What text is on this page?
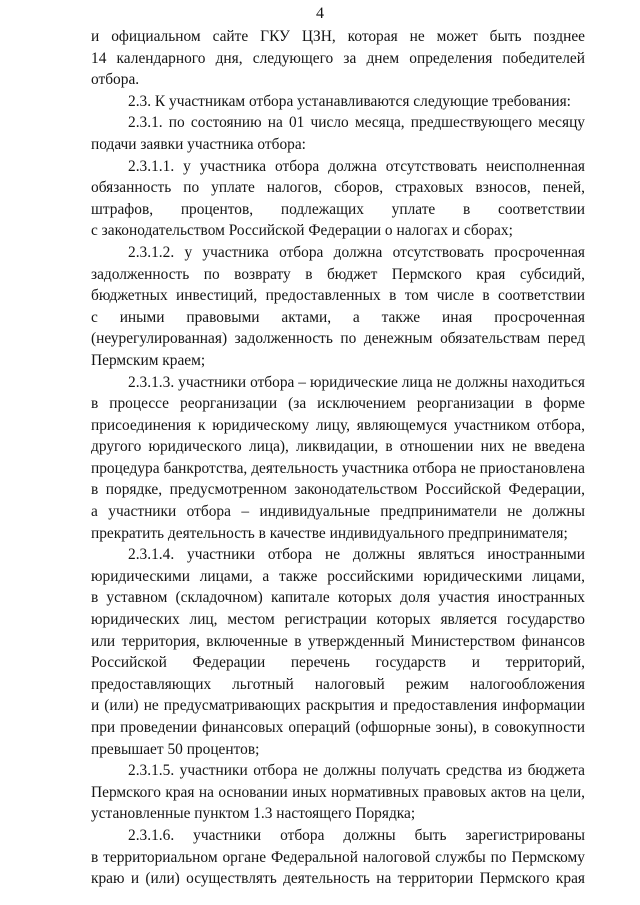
4
и официальном сайте ГКУ ЦЗН, которая не может быть позднее
14 календарного дня, следующего за днем определения победителей
отбора.
2.3. К участникам отбора устанавливаются следующие требования:
2.3.1. по состоянию на 01 число месяца, предшествующего месяцу
подачи заявки участника отбора:
2.3.1.1. у участника отбора должна отсутствовать неисполненная
обязанность по уплате налогов, сборов, страховых взносов, пеней,
штрафов, процентов, подлежащих уплате в соответствии
с законодательством Российской Федерации о налогах и сборах;
2.3.1.2. у участника отбора должна отсутствовать просроченная
задолженность по возврату в бюджет Пермского края субсидий,
бюджетных инвестиций, предоставленных в том числе в соответствии
с иными правовыми актами, а также иная просроченная
(неурегулированная) задолженность по денежным обязательствам перед
Пермским краем;
2.3.1.3. участники отбора – юридические лица не должны находиться
в процессе реорганизации (за исключением реорганизации в форме
присоединения к юридическому лицу, являющемуся участником отбора,
другого юридического лица), ликвидации, в отношении них не введена
процедура банкротства, деятельность участника отбора не приостановлена
в порядке, предусмотренном законодательством Российской Федерации,
а участники отбора – индивидуальные предприниматели не должны
прекратить деятельность в качестве индивидуального предпринимателя;
2.3.1.4. участники отбора не должны являться иностранными
юридическими лицами, а также российскими юридическими лицами,
в уставном (складочном) капитале которых доля участия иностранных
юридических лиц, местом регистрации которых является государство
или территория, включенные в утвержденный Министерством финансов
Российской Федерации перечень государств и территорий,
предоставляющих льготный налоговый режим налогообложения
и (или) не предусматривающих раскрытия и предоставления информации
при проведении финансовых операций (офшорные зоны), в совокупности
превышает 50 процентов;
2.3.1.5. участники отбора не должны получать средства из бюджета
Пермского края на основании иных нормативных правовых актов на цели,
установленные пунктом 1.3 настоящего Порядка;
2.3.1.6. участники отбора должны быть зарегистрированы
в территориальном органе Федеральной налоговой службы по Пермскому
краю и (или) осуществлять деятельность на территории Пермского края
